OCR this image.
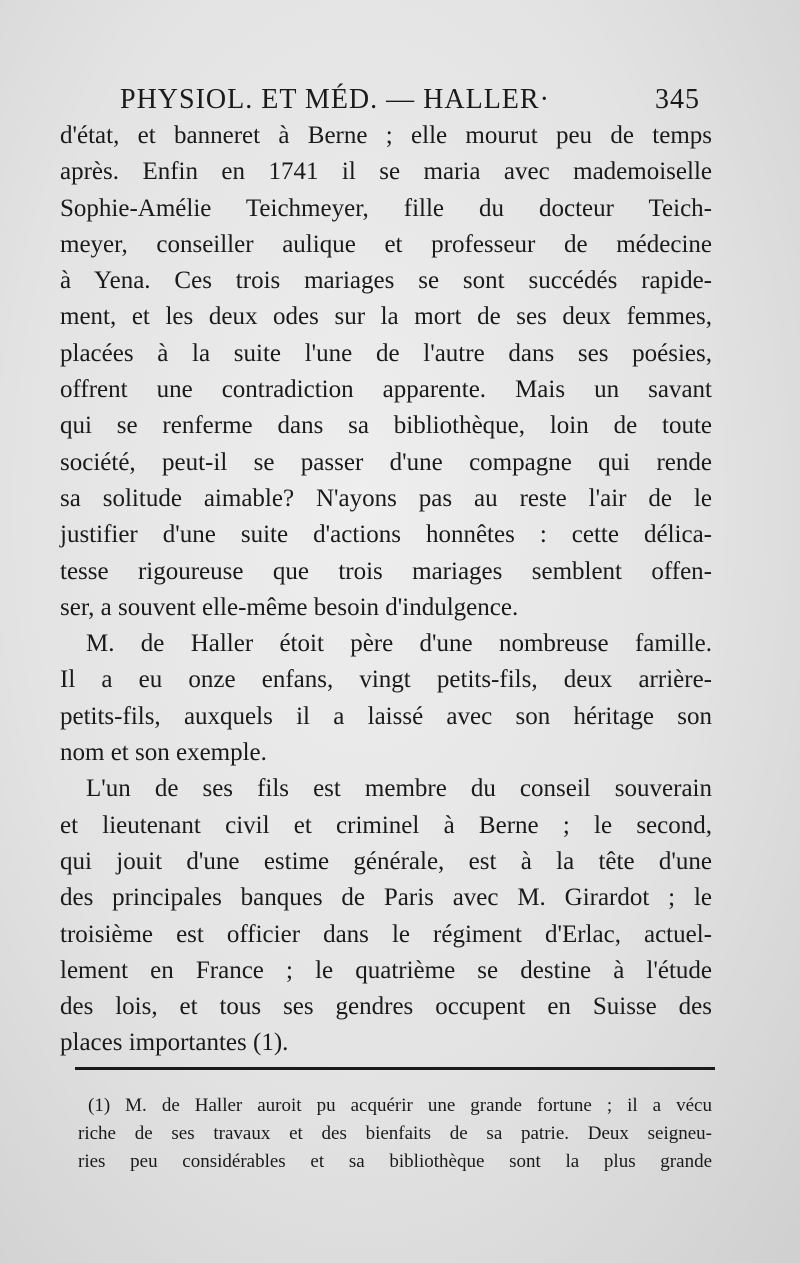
PHYSIOL. ET MÉD. — HALLER·	345
d'état, et banneret à Berne ; elle mourut peu de temps
après. Enfin en 1741 il se maria avec mademoiselle
Sophie-Amélie Teichmeyer, fille du docteur Teich-
meyer, conseiller aulique et professeur de médecine
à Yena. Ces trois mariages se sont succédés rapide-
ment, et les deux odes sur la mort de ses deux femmes,
placées à la suite l'une de l'autre dans ses poésies,
offrent une contradiction apparente. Mais un savant
qui se renferme dans sa bibliothèque, loin de toute
société, peut-il se passer d'une compagne qui rende
sa solitude aimable? N'ayons pas au reste l'air de le
justifier d'une suite d'actions honnêtes : cette délica-
tesse rigoureuse que trois mariages semblent offen-
ser, a souvent elle-même besoin d'indulgence.
M. de Haller étoit père d'une nombreuse famille.
Il a eu onze enfans, vingt petits-fils, deux arrière-
petits-fils, auxquels il a laissé avec son héritage son
nom et son exemple.
L'un de ses fils est membre du conseil souverain
et lieutenant civil et criminel à Berne ; le second,
qui jouit d'une estime générale, est à la tête d'une
des principales banques de Paris avec M. Girardot ; le
troisième est officier dans le régiment d'Erlac, actuel-
lement en France ; le quatrième se destine à l'étude
des lois, et tous ses gendres occupent en Suisse des
places importantes (1).
(1) M. de Haller auroit pu acquérir une grande fortune ; il a vécu
riche de ses travaux et des bienfaits de sa patrie. Deux seigneu-
ries peu considérables et sa bibliothèque sont la plus grande
